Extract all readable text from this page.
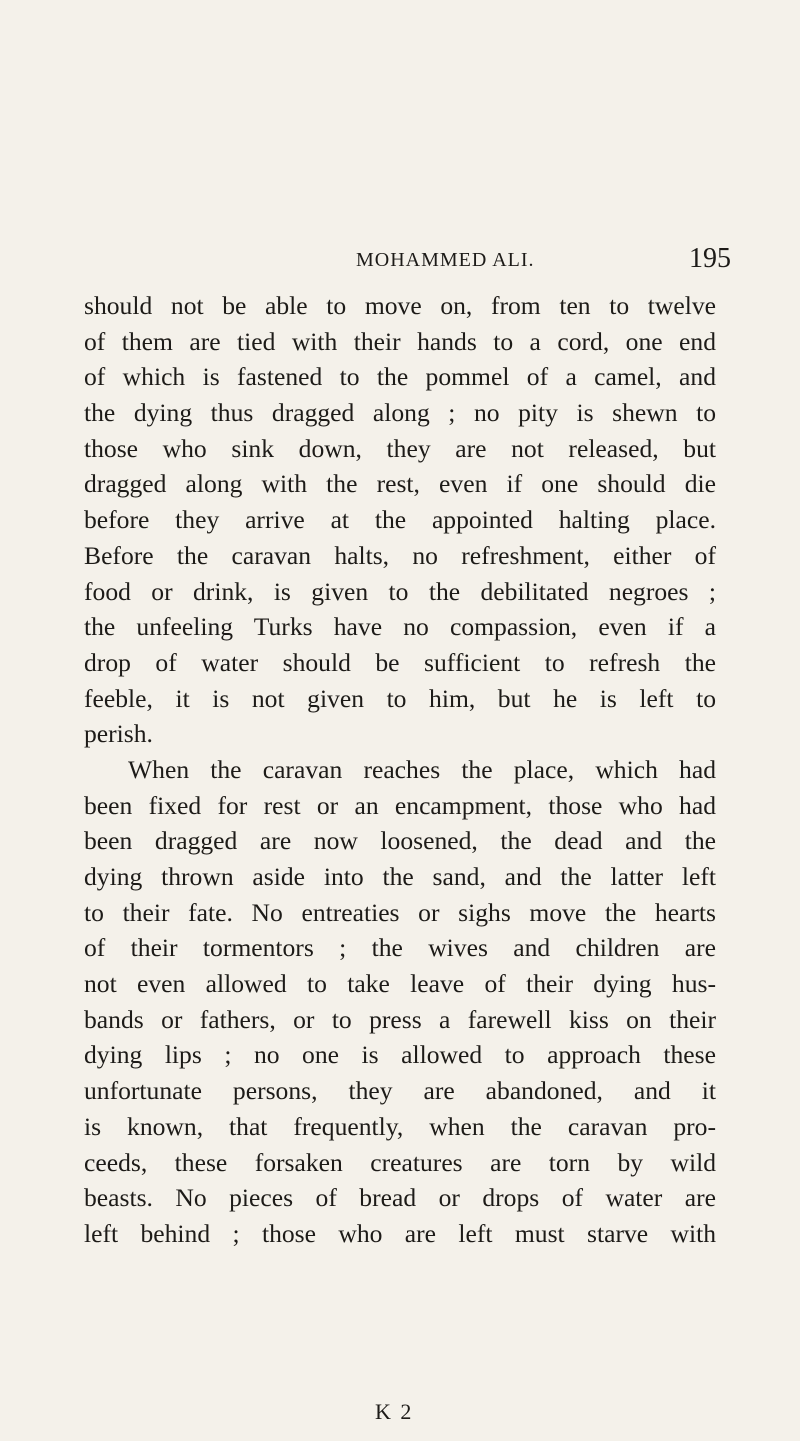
MOHAMMED ALI.	195
should not be able to move on, from ten to twelve
of them are tied with their hands to a cord, one end
of which is fastened to the pommel of a camel, and
the dying thus dragged along ; no pity is shewn to
those who sink down, they are not released, but
dragged along with the rest, even if one should die
before they arrive at the appointed halting place.
Before the caravan halts, no refreshment, either of
food or drink, is given to the debilitated negroes ;
the unfeeling Turks have no compassion, even if a
drop of water should be sufficient to refresh the
feeble, it is not given to him, but he is left to
perish.
When the caravan reaches the place, which had
been fixed for rest or an encampment, those who had
been dragged are now loosened, the dead and the
dying thrown aside into the sand, and the latter left
to their fate. No entreaties or sighs move the hearts
of their tormentors ; the wives and children are
not even allowed to take leave of their dying hus-
bands or fathers, or to press a farewell kiss on their
dying lips ; no one is allowed to approach these
unfortunate persons, they are abandoned, and it
is known, that frequently, when the caravan pro-
ceeds, these forsaken creatures are torn by wild
beasts. No pieces of bread or drops of water are
left behind ; those who are left must starve with
K 2
